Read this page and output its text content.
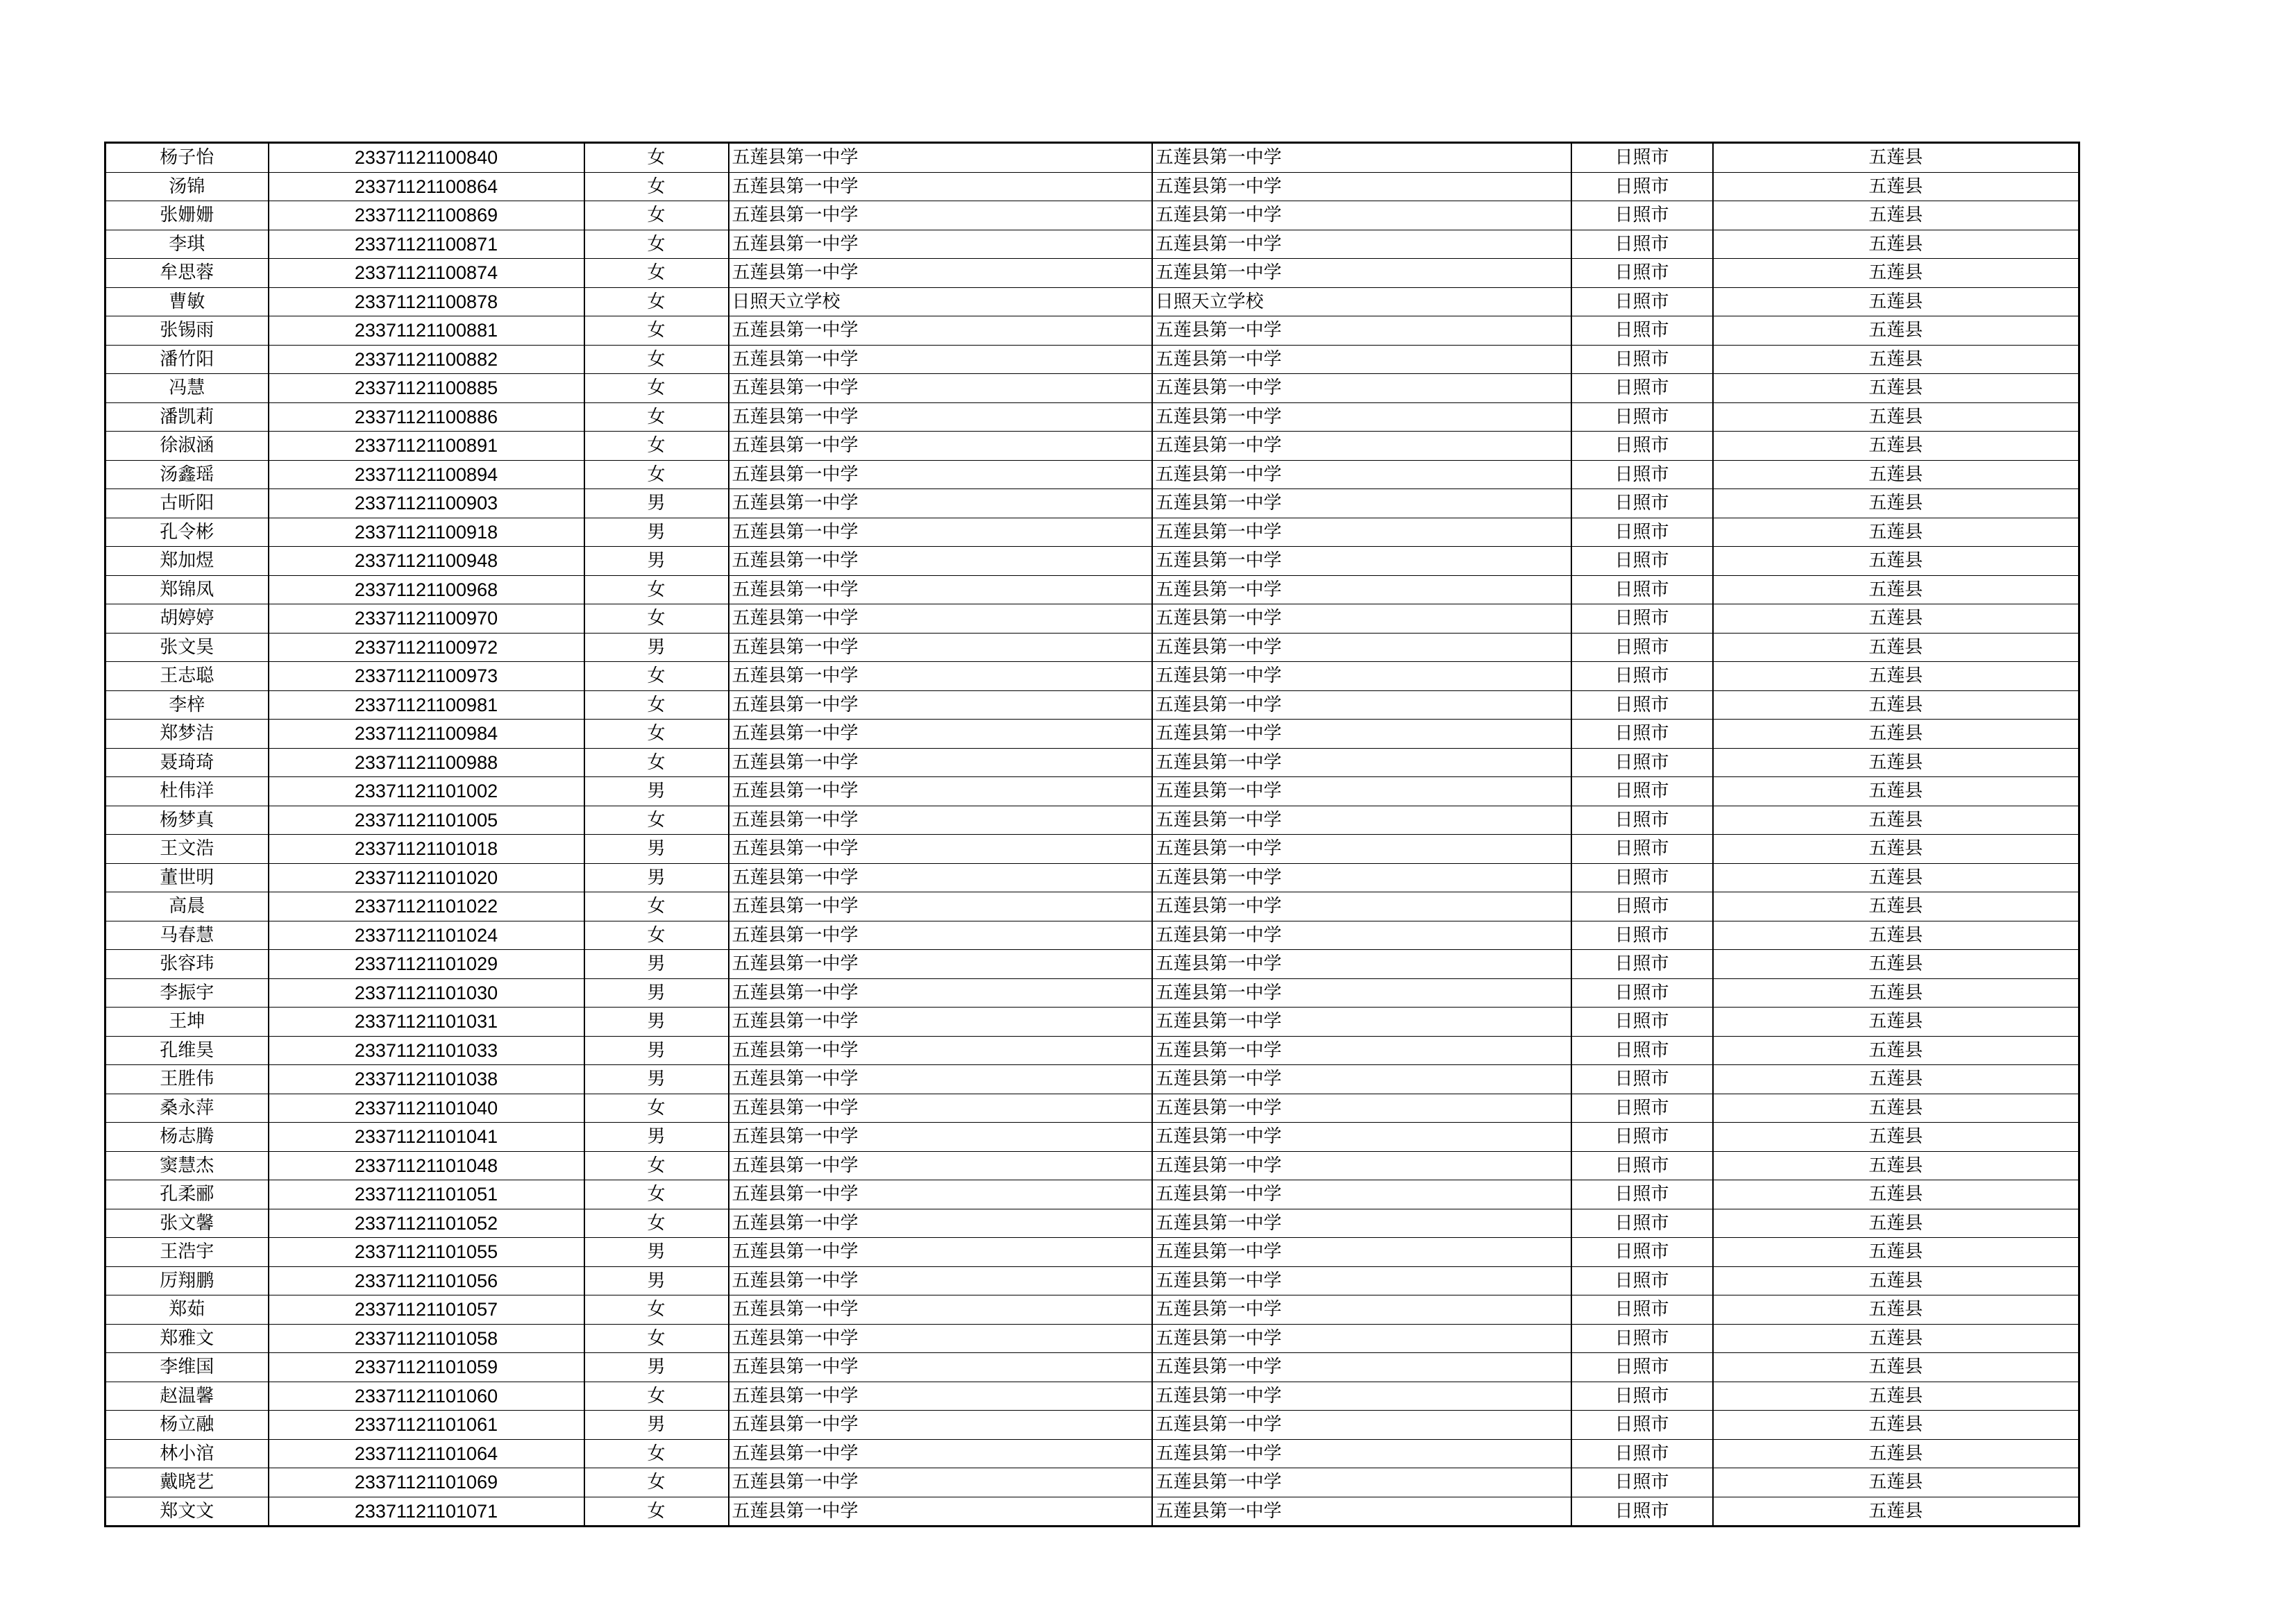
杨子怡	23371121100840	女	五莲县第一中学	五莲县第一中学	日照市	五莲县
汤锦	23371121100864	女	五莲县第一中学	五莲县第一中学	日照市	五莲县
张姗姗	23371121100869	女	五莲县第一中学	五莲县第一中学	日照市	五莲县
李琪	23371121100871	女	五莲县第一中学	五莲县第一中学	日照市	五莲县
牟思蓉	23371121100874	女	五莲县第一中学	五莲县第一中学	日照市	五莲县
曹敏	23371121100878	女	日照天立学校	日照天立学校	日照市	五莲县
张锡雨	23371121100881	女	五莲县第一中学	五莲县第一中学	日照市	五莲县
潘竹阳	23371121100882	女	五莲县第一中学	五莲县第一中学	日照市	五莲县
冯慧	23371121100885	女	五莲县第一中学	五莲县第一中学	日照市	五莲县
潘凯莉	23371121100886	女	五莲县第一中学	五莲县第一中学	日照市	五莲县
徐淑涵	23371121100891	女	五莲县第一中学	五莲县第一中学	日照市	五莲县
汤鑫瑶	23371121100894	女	五莲县第一中学	五莲县第一中学	日照市	五莲县
古昕阳	23371121100903	男	五莲县第一中学	五莲县第一中学	日照市	五莲县
孔令彬	23371121100918	男	五莲县第一中学	五莲县第一中学	日照市	五莲县
郑加煜	23371121100948	男	五莲县第一中学	五莲县第一中学	日照市	五莲县
郑锦凤	23371121100968	女	五莲县第一中学	五莲县第一中学	日照市	五莲县
胡婷婷	23371121100970	女	五莲县第一中学	五莲县第一中学	日照市	五莲县
张文昊	23371121100972	男	五莲县第一中学	五莲县第一中学	日照市	五莲县
王志聪	23371121100973	女	五莲县第一中学	五莲县第一中学	日照市	五莲县
李梓	23371121100981	女	五莲县第一中学	五莲县第一中学	日照市	五莲县
郑梦洁	23371121100984	女	五莲县第一中学	五莲县第一中学	日照市	五莲县
聂琦琦	23371121100988	女	五莲县第一中学	五莲县第一中学	日照市	五莲县
杜伟洋	23371121101002	男	五莲县第一中学	五莲县第一中学	日照市	五莲县
杨梦真	23371121101005	女	五莲县第一中学	五莲县第一中学	日照市	五莲县
王文浩	23371121101018	男	五莲县第一中学	五莲县第一中学	日照市	五莲县
董世明	23371121101020	男	五莲县第一中学	五莲县第一中学	日照市	五莲县
高晨	23371121101022	女	五莲县第一中学	五莲县第一中学	日照市	五莲县
马春慧	23371121101024	女	五莲县第一中学	五莲县第一中学	日照市	五莲县
张容玮	23371121101029	男	五莲县第一中学	五莲县第一中学	日照市	五莲县
李振宇	23371121101030	男	五莲县第一中学	五莲县第一中学	日照市	五莲县
王坤	23371121101031	男	五莲县第一中学	五莲县第一中学	日照市	五莲县
孔维昊	23371121101033	男	五莲县第一中学	五莲县第一中学	日照市	五莲县
王胜伟	23371121101038	男	五莲县第一中学	五莲县第一中学	日照市	五莲县
桑永萍	23371121101040	女	五莲县第一中学	五莲县第一中学	日照市	五莲县
杨志腾	23371121101041	男	五莲县第一中学	五莲县第一中学	日照市	五莲县
窦慧杰	23371121101048	女	五莲县第一中学	五莲县第一中学	日照市	五莲县
孔柔郦	23371121101051	女	五莲县第一中学	五莲县第一中学	日照市	五莲县
张文馨	23371121101052	女	五莲县第一中学	五莲县第一中学	日照市	五莲县
王浩宇	23371121101055	男	五莲县第一中学	五莲县第一中学	日照市	五莲县
厉翔鹏	23371121101056	男	五莲县第一中学	五莲县第一中学	日照市	五莲县
郑茹	23371121101057	女	五莲县第一中学	五莲县第一中学	日照市	五莲县
郑雅文	23371121101058	女	五莲县第一中学	五莲县第一中学	日照市	五莲县
李维国	23371121101059	男	五莲县第一中学	五莲县第一中学	日照市	五莲县
赵温馨	23371121101060	女	五莲县第一中学	五莲县第一中学	日照市	五莲县
杨立融	23371121101061	男	五莲县第一中学	五莲县第一中学	日照市	五莲县
林小涫	23371121101064	女	五莲县第一中学	五莲县第一中学	日照市	五莲县
戴晓艺	23371121101069	女	五莲县第一中学	五莲县第一中学	日照市	五莲县
郑文文	23371121101071	女	五莲县第一中学	五莲县第一中学	日照市	五莲县
